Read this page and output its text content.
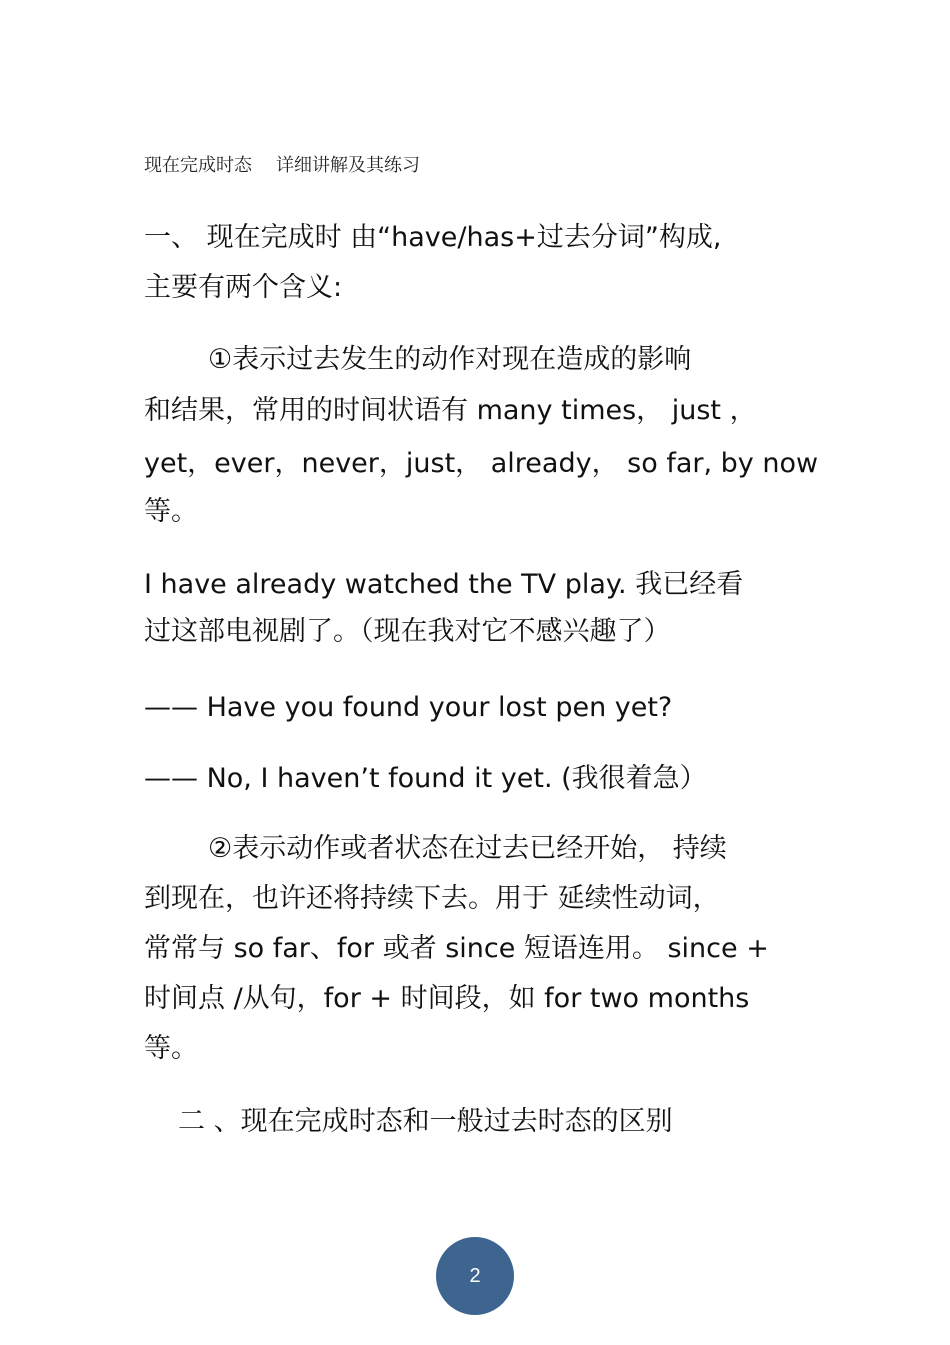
现在完成时态 详细讲解及其练习
一、 现在完成时 由“have/has+过去分词”构成,
主要有两个含义:
①表示过去发生的动作对现在造成的影响
和结果，常用的时间状语有 many times， just ，
yet，ever，never，just， already， so far, by now
等。
I have already watched the TV play. 我已经看
过这部电视剧了。（现在我对它不感兴趣了）
—— Have you found your lost pen yet?
—— No, I haven’t found it yet. (我很着急）
②表示动作或者状态在过去已经开始， 持续
到现在，也许还将持续下去。用于 延续性动词，
常常与 so far、for 或者 since 短语连用。 since +
时间点 /从句，for + 时间段，如 for two months
等。
二 、现在完成时态和一般过去时态的区别
2
